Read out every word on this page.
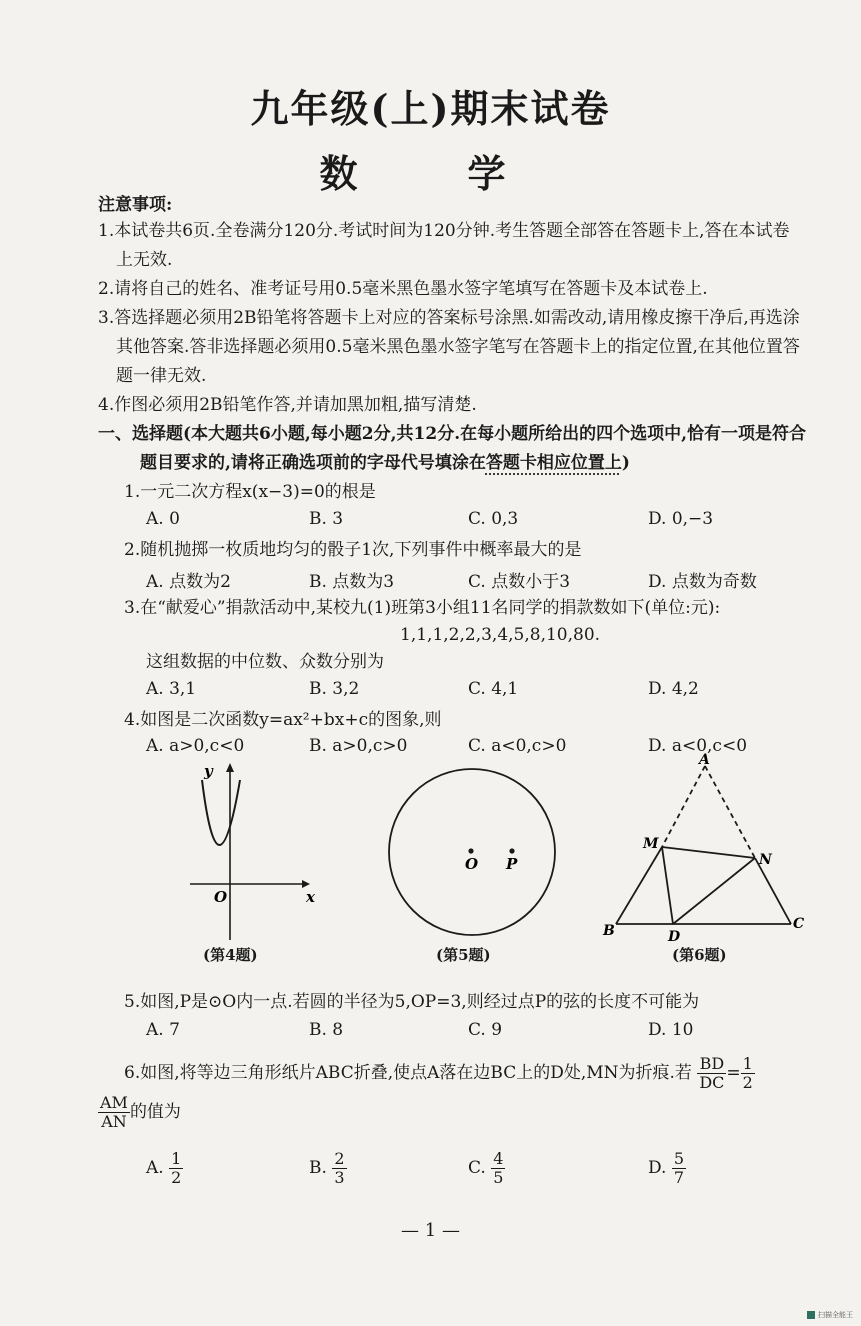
九年级(上)期末试卷
数　学
注意事项:
1.本试卷共6页.全卷满分120分.考试时间为120分钟.考生答题全部答在答题卡上,答在本试卷
上无效.
2.请将自己的姓名、准考证号用0.5毫米黑色墨水签字笔填写在答题卡及本试卷上.
3.答选择题必须用2B铅笔将答题卡上对应的答案标号涂黑.如需改动,请用橡皮擦干净后,再选涂
其他答案.答非选择题必须用0.5毫米黑色墨水签字笔写在答题卡上的指定位置,在其他位置答
题一律无效.
4.作图必须用2B铅笔作答,并请加黑加粗,描写清楚.
一、选择题(本大题共6小题,每小题2分,共12分.在每小题所给出的四个选项中,恰有一项是符合
题目要求的,请将正确选项前的字母代号填涂在答题卡相应位置上)
1.一元二次方程x(x−3)=0的根是
A. 0	B. 3	C. 0,3	D. 0,−3
2.随机抛掷一枚质地均匀的骰子1次,下列事件中概率最大的是
A. 点数为2	B. 点数为3	C. 点数小于3	D. 点数为奇数
3.在“献爱心”捐款活动中,某校九(1)班第3小组11名同学的捐款数如下(单位:元):
1,1,1,2,2,3,4,5,8,10,80.
这组数据的中位数、众数分别为
A. 3,1	B. 3,2	C. 4,1	D. 4,2
4.如图是二次函数y=ax²+bx+c的图象,则
A. a>0,c<0	B. a>0,c>0	C. a<0,c>0	D. a<0,c<0
y
x
O
(第4题)
O P
(第5题)
A
M
N
B	D
C
(第6题)
5.如图,P是⊙O内一点.若圆的半径为5,OP=3,则经过点P的弦的长度不可能为
A. 7	B. 8	C. 9	D. 10
6.如图,将等边三角形纸片ABC折叠,使点A落在边BC上的D处,MN为折痕.若 $\frac{BD}{DC} = \frac{1}{2}$
$\frac{AM}{AN}$ 的值为
A. $\frac{1}{2}$	B. $\frac{2}{3}$	C. $\frac{4}{5}$	D. $\frac{5}{7}$
— 1 —
扫描全能王
